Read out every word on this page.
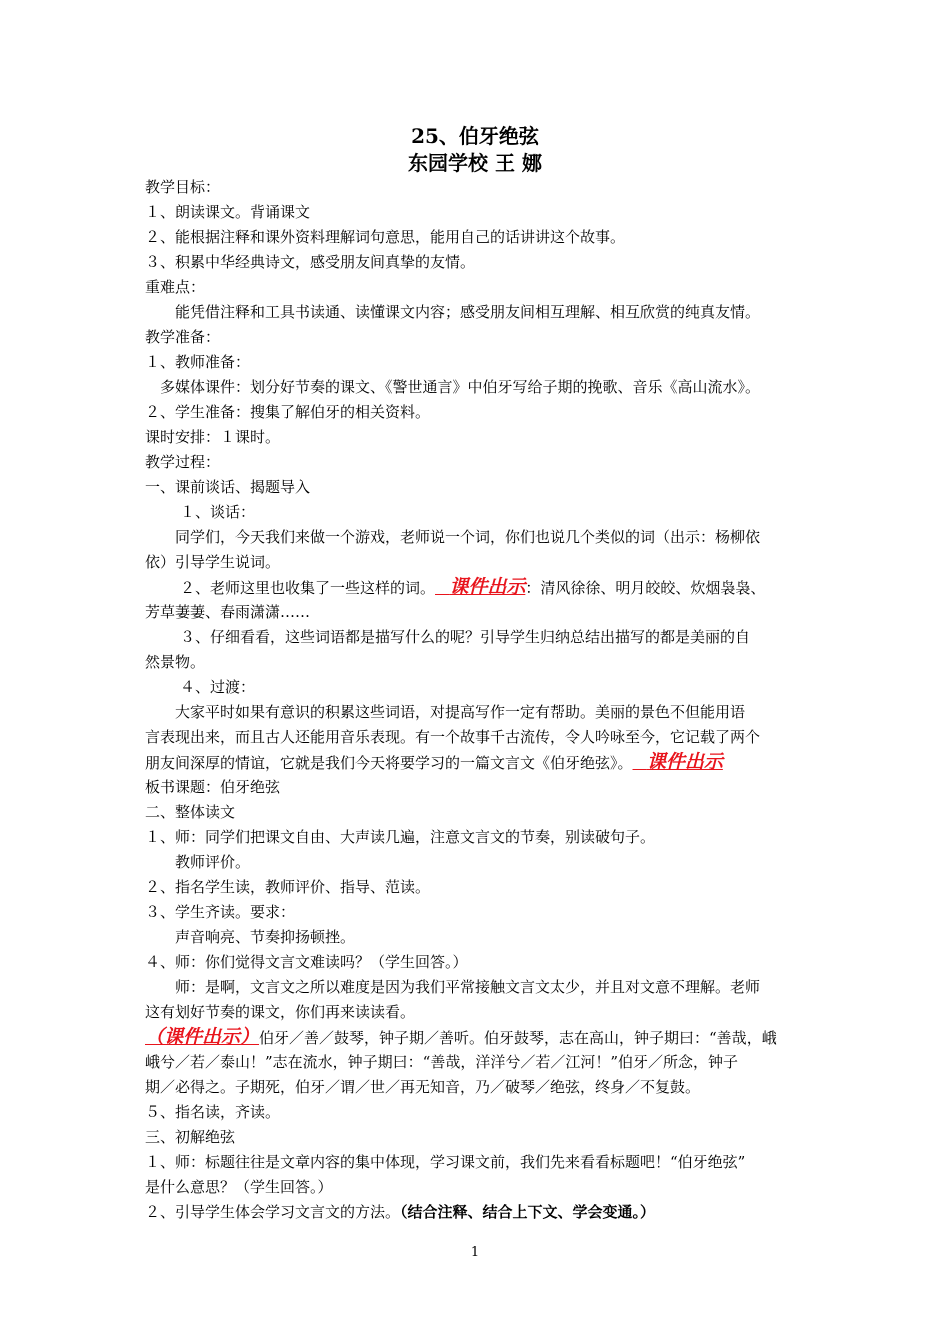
25、伯牙绝弦
东园学校 王 娜
教学目标：
１、朗读课文。背诵课文
２、能根据注释和课外资料理解词句意思，能用自己的话讲讲这个故事。
３、积累中华经典诗文，感受朋友间真挚的友情。
重难点：
能凭借注释和工具书读通、读懂课文内容；感受朋友间相互理解、相互欣赏的纯真友情。
教学准备：
１、教师准备：
多媒体课件：划分好节奏的课文、《警世通言》中伯牙写给子期的挽歌、音乐《高山流水》。
２、学生准备：搜集了解伯牙的相关资料。
课时安排：１课时。
教学过程：
一、课前谈话、揭题导入
１、谈话：
同学们，今天我们来做一个游戏，老师说一个词，你们也说几个类似的词（出示：杨柳依
依）引导学生说词。
２、老师这里也收集了一些这样的词。 课件出示：清风徐徐、明月皎皎、炊烟袅袅、
芳草萋萋、春雨潇潇……
３、仔细看看，这些词语都是描写什么的呢？引导学生归纳总结出描写的都是美丽的自
然景物。
４、过渡：
大家平时如果有意识的积累这些词语，对提高写作一定有帮助。美丽的景色不但能用语
言表现出来，而且古人还能用音乐表现。有一个故事千古流传，令人吟咏至今，它记载了两个
朋友间深厚的情谊，它就是我们今天将要学习的一篇文言文《伯牙绝弦》。 课件出示
板书课题：伯牙绝弦
二、整体读文
１、师：同学们把课文自由、大声读几遍，注意文言文的节奏，别读破句子。
教师评价。
２、指名学生读，教师评价、指导、范读。
３、学生齐读。要求：
声音响亮、节奏抑扬顿挫。
４、师：你们觉得文言文难读吗？（学生回答。）
师：是啊，文言文之所以难度是因为我们平常接触文言文太少，并且对文意不理解。老师
这有划好节奏的课文，你们再来读读看。
（课件出示）伯牙／善／鼓琴，钟子期／善听。伯牙鼓琴，志在高山，钟子期曰：“善哉，峨
峨兮／若／泰山！”志在流水，钟子期曰：“善哉，洋洋兮／若／江河！”伯牙／所念，钟子
期／必得之。子期死，伯牙／谓／世／再无知音，乃／破琴／绝弦，终身／不复鼓。
５、指名读，齐读。
三、初解绝弦
１、师：标题往往是文章内容的集中体现，学习课文前，我们先来看看标题吧！“伯牙绝弦”
是什么意思？（学生回答。）
２、引导学生体会学习文言文的方法。（结合注释、结合上下文、学会变通。）
1
